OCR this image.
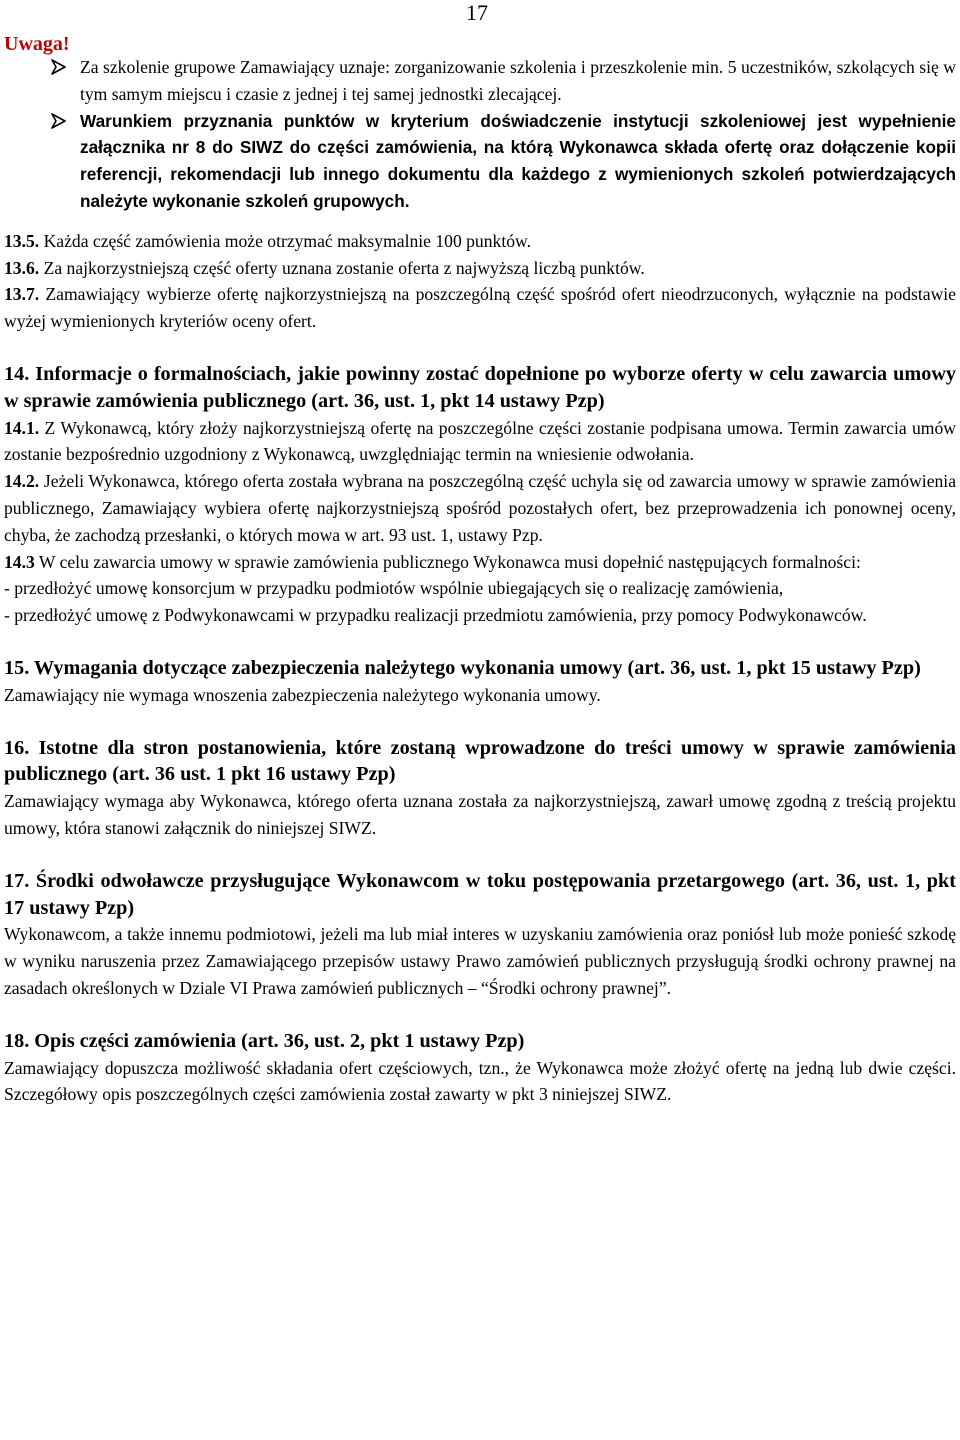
17

Uwaga!

Za szkolenie grupowe Zamawiający uznaje: zorganizowanie szkolenia i przeszkolenie min. 5 uczestników, szkolących się w tym samym miejscu i czasie z jednej i tej samej jednostki zlecającej.
Warunkiem przyznania punktów w kryterium doświadczenie instytucji szkoleniowej jest wypełnienie załącznika nr 8 do SIWZ do części zamówienia, na którą Wykonawca składa ofertę oraz dołączenie kopii referencji, rekomendacji lub innego dokumentu dla każdego z wymienionych szkoleń potwierdzających należyte wykonanie szkoleń grupowych.

13.5. Każda część zamówienia może otrzymać maksymalnie 100 punktów.

13.6. Za najkorzystniejszą część oferty uznana zostanie oferta z najwyższą liczbą punktów.

13.7. Zamawiający wybierze ofertę najkorzystniejszą na poszczególną część spośród ofert nieodrzuconych, wyłącznie na podstawie wyżej wymienionych kryteriów oceny ofert.

14. Informacje o formalnościach, jakie powinny zostać dopełnione po wyborze oferty w celu zawarcia umowy w sprawie zamówienia publicznego (art. 36, ust. 1, pkt 14 ustawy Pzp)

14.1. Z Wykonawcą, który złoży najkorzystniejszą ofertę na poszczególne części zostanie podpisana umowa. Termin zawarcia umów zostanie bezpośrednio uzgodniony z Wykonawcą, uwzględniając termin na wniesienie odwołania.

14.2. Jeżeli Wykonawca, którego oferta została wybrana na poszczególną część uchyla się od zawarcia umowy w sprawie zamówienia publicznego, Zamawiający wybiera ofertę najkorzystniejszą spośród pozostałych ofert, bez przeprowadzenia ich ponownej oceny, chyba, że zachodzą przesłanki, o których mowa w art. 93 ust. 1, ustawy Pzp.

14.3 W celu zawarcia umowy w sprawie zamówienia publicznego Wykonawca musi dopełnić następujących formalności:

- przedłożyć umowę konsorcjum w przypadku podmiotów wspólnie ubiegających się o realizację zamówienia,

- przedłożyć umowę z Podwykonawcami w przypadku realizacji przedmiotu zamówienia, przy pomocy Podwykonawców.

15. Wymagania dotyczące zabezpieczenia należytego wykonania umowy (art. 36, ust. 1, pkt 15 ustawy Pzp)

Zamawiający nie wymaga wnoszenia zabezpieczenia należytego wykonania umowy.

16. Istotne dla stron postanowienia, które zostaną wprowadzone do treści umowy w sprawie zamówienia publicznego (art. 36 ust. 1 pkt 16 ustawy Pzp)

Zamawiający wymaga aby Wykonawca, którego oferta uznana została za najkorzystniejszą, zawarł umowę zgodną z treścią projektu umowy, która stanowi załącznik do niniejszej SIWZ.

17. Środki odwoławcze przysługujące Wykonawcom w toku postępowania przetargowego (art. 36, ust. 1, pkt 17 ustawy Pzp)

Wykonawcom, a także innemu podmiotowi, jeżeli ma lub miał interes w uzyskaniu zamówienia oraz poniósł lub może ponieść szkodę w wyniku naruszenia przez Zamawiającego przepisów ustawy Prawo zamówień publicznych przysługują środki ochrony prawnej na zasadach określonych w Dziale VI Prawa zamówień publicznych – “Środki ochrony prawnej”.

18. Opis części zamówienia (art. 36, ust. 2, pkt 1 ustawy Pzp)

Zamawiający dopuszcza możliwość składania ofert częściowych, tzn., że Wykonawca może złożyć ofertę na jedną lub dwie części. Szczegółowy opis poszczególnych części zamówienia został zawarty w pkt 3 niniejszej SIWZ.
